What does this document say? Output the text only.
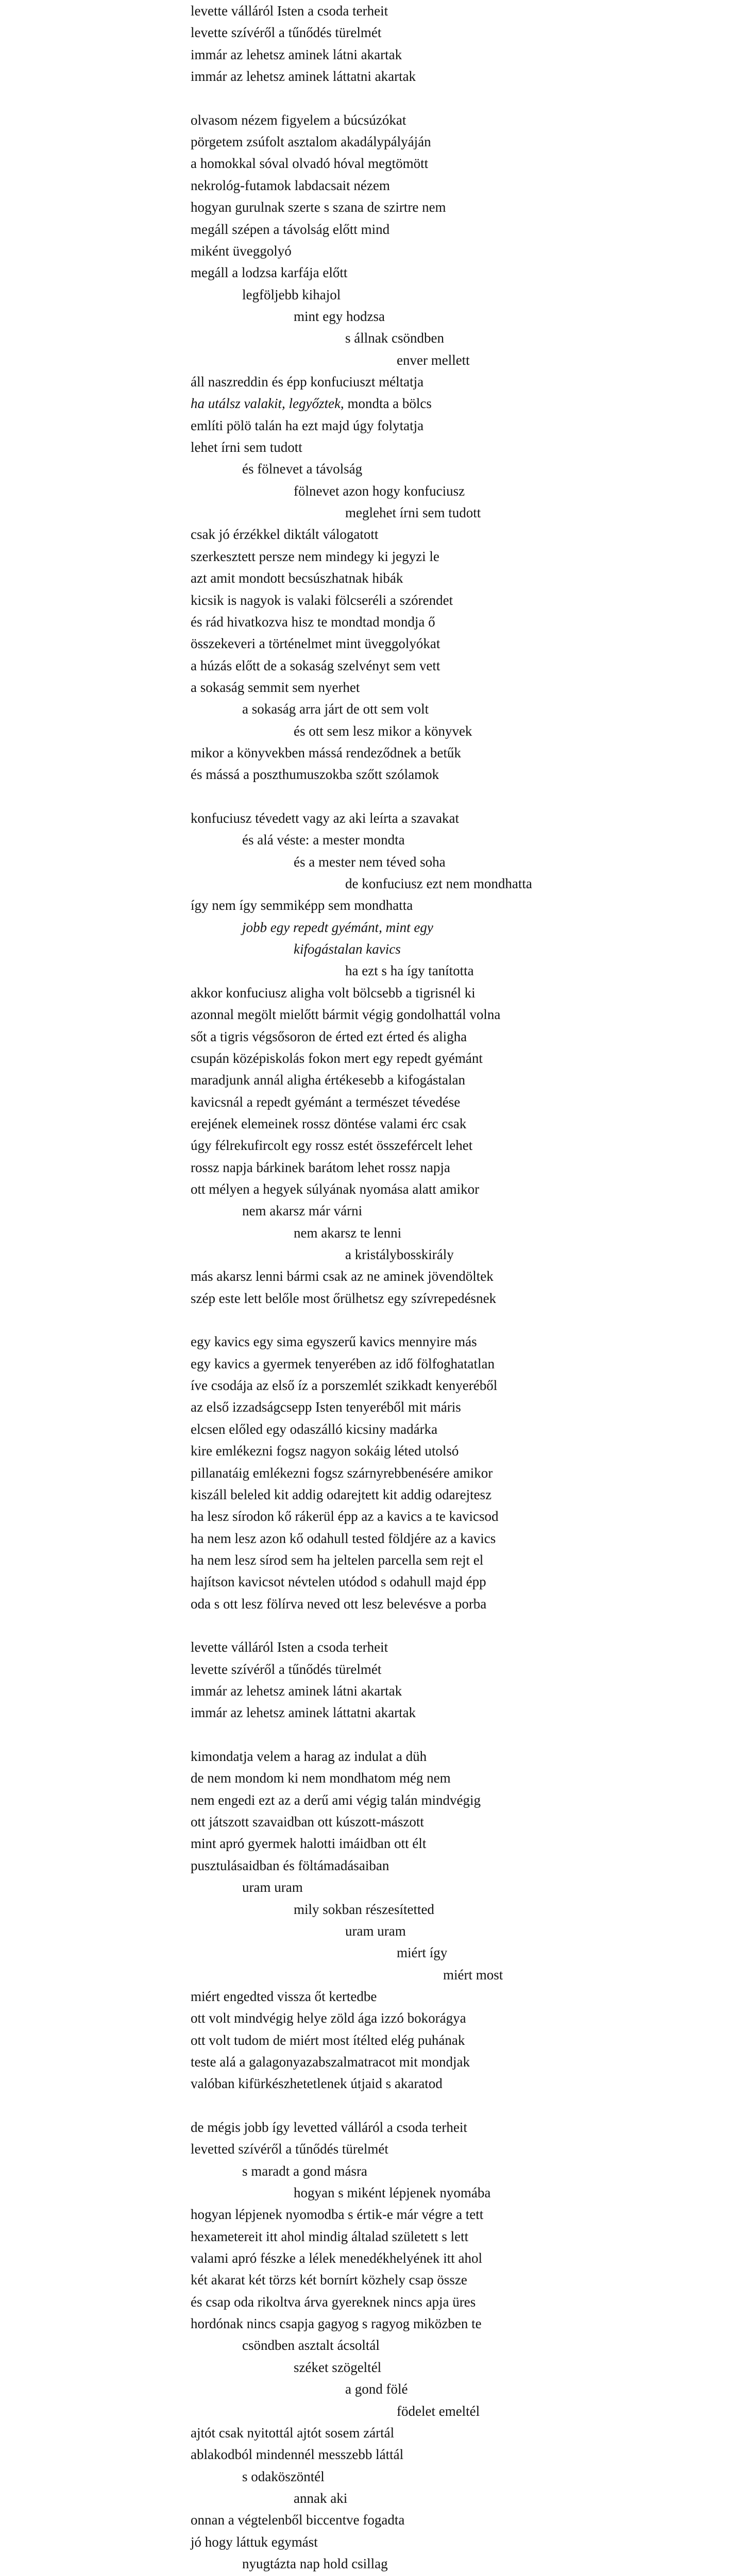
levette válláról Isten a csoda terheit
levette szívéről a tűnődés türelmét
immár az lehetsz aminek látni akartak
immár az lehetsz aminek láttatni akartak
olvasom nézem figyelem a búcsúzókat
pörgetem zsúfolt asztalom akadálypályáján
a homokkal sóval olvadó hóval megtömött
nekrológ-futamok labdacsait nézem
hogyan gurulnak szerte s szana de szirtre nem
megáll szépen a távolság előtt mind
miként üveggolyó
megáll a lodzsa karfája előtt
legföljebb kihajol
mint egy hodzsa
s állnak csöndben
enver mellett
áll naszreddin és épp konfuciuszt méltatja
ha utálsz valakit, legyőztek, mondta a bölcs
említi pölö talán ha ezt majd úgy folytatja
lehet írni sem tudott
és fölnevet a távolság
fölnevet azon hogy konfuciusz
meglehet írni sem tudott
csak jó érzékkel diktált válogatott
szerkesztett persze nem mindegy ki jegyzi le
azt amit mondott becsúszhatnak hibák
kicsik is nagyok is valaki fölcseréli a szórendet
és rád hivatkozva hisz te mondtad mondja ő
összekeveri a történelmet mint üveggolyókat
a húzás előtt de a sokaság szelvényt sem vett
a sokaság semmit sem nyerhet
a sokaság arra járt de ott sem volt
és ott sem lesz mikor a könyvek
mikor a könyvekben mássá rendeződnek a betűk
és mássá a poszthumuszokba szőtt szólamok
konfuciusz tévedett vagy az aki leírta a szavakat
és alá véste: a mester mondta
és a mester nem téved soha
de konfuciusz ezt nem mondhatta
így nem így semmiképp sem mondhatta
jobb egy repedt gyémánt, mint egy
kifogástalan kavics
ha ezt s ha így tanította
akkor konfuciusz aligha volt bölcsebb a tigrisnél ki
azonnal megölt mielőtt bármit végig gondolhattál volna
sőt a tigris végsősoron de érted ezt érted és aligha
csupán középiskolás fokon mert egy repedt gyémánt
maradjunk annál aligha értékesebb a kifogástalan
kavicsnál a repedt gyémánt a természet tévedése
erejének elemeinek rossz döntése valami érc csak
úgy félrekufircolt egy rossz estét összefércelt lehet
rossz napja bárkinek barátom lehet rossz napja
ott mélyen a hegyek súlyának nyomása alatt amikor
nem akarsz már várni
nem akarsz te lenni
a kristálybosskirály
más akarsz lenni bármi csak az ne aminek jövendöltek
szép este lett belőle most őrülhetsz egy szívrepedésnek
egy kavics egy sima egyszerű kavics mennyire más
egy kavics a gyermek tenyerében az idő fölfoghatatlan
íve csodája az első íz a porszemlét szikkadt kenyeréből
az első izzadságcsepp Isten tenyeréből mit máris
elcsen előled egy odaszálló kicsiny madárka
kire emlékezni fogsz nagyon sokáig léted utolsó
pillanatáig emlékezni fogsz szárnyrebbenésére amikor
kiszáll beleled kit addig odarejtett kit addig odarejtesz
ha lesz sírodon kő rákerül épp az a kavics a te kavicsod
ha nem lesz azon kő odahull tested földjére az a kavics
ha nem lesz sírod sem ha jeltelen parcella sem rejt el
hajítson kavicsot névtelen utódod s odahull majd épp
oda s ott lesz fölírva neved ott lesz belevésve a porba
levette válláról Isten a csoda terheit
levette szívéről a tűnődés türelmét
immár az lehetsz aminek látni akartak
immár az lehetsz aminek láttatni akartak
kimondatja velem a harag az indulat a düh
de nem mondom ki nem mondhatom még nem
nem engedi ezt az a derű ami végig talán mindvégig
ott játszott szavaidban ott kúszott-mászott
mint apró gyermek halotti imáidban ott élt
pusztulásaidban és föltámadásaiban
uram uram
mily sokban részesítetted
uram uram
miért így
miért most
miért engedted visszа őt kertedbe
ott volt mindvégig helye zöld ága izzó bokorágya
ott volt tudom de miért most ítélted elég puhának
teste alá a galagonyazabszalmatracot mit mondjak
valóban kifürkészhetetlenek útjaid s akaratod
de mégis jobb így levetted válláról a csoda terheit
levetted szívéről a tűnődés türelmét
s maradt a gond másra
hogyan s miként lépjenek nyomába
hogyan lépjenek nyomodba s értik-e már végre a tett
hexametereit itt ahol mindig általad született s lett
valami apró fészke a lélek menedékhelyének itt ahol
két akarat két törzs két bornírt közhely csap össze
és csap oda rikoltva árva gyereknek nincs apja üres
hordónak nincs csapja gagyog s ragyog miközben te
csöndben asztalt ácsoltál
széket szögeltél
a gond fölé
födelet emeltél
ajtót csak nyitottál ajtót sosem zártál
ablakodból mindennél messzebb láttál
s odaköszöntél
annak aki
onnan a végtelenből biccentve fogadta
jó hogy láttuk egymást
nyugtázta nap hold csillag
